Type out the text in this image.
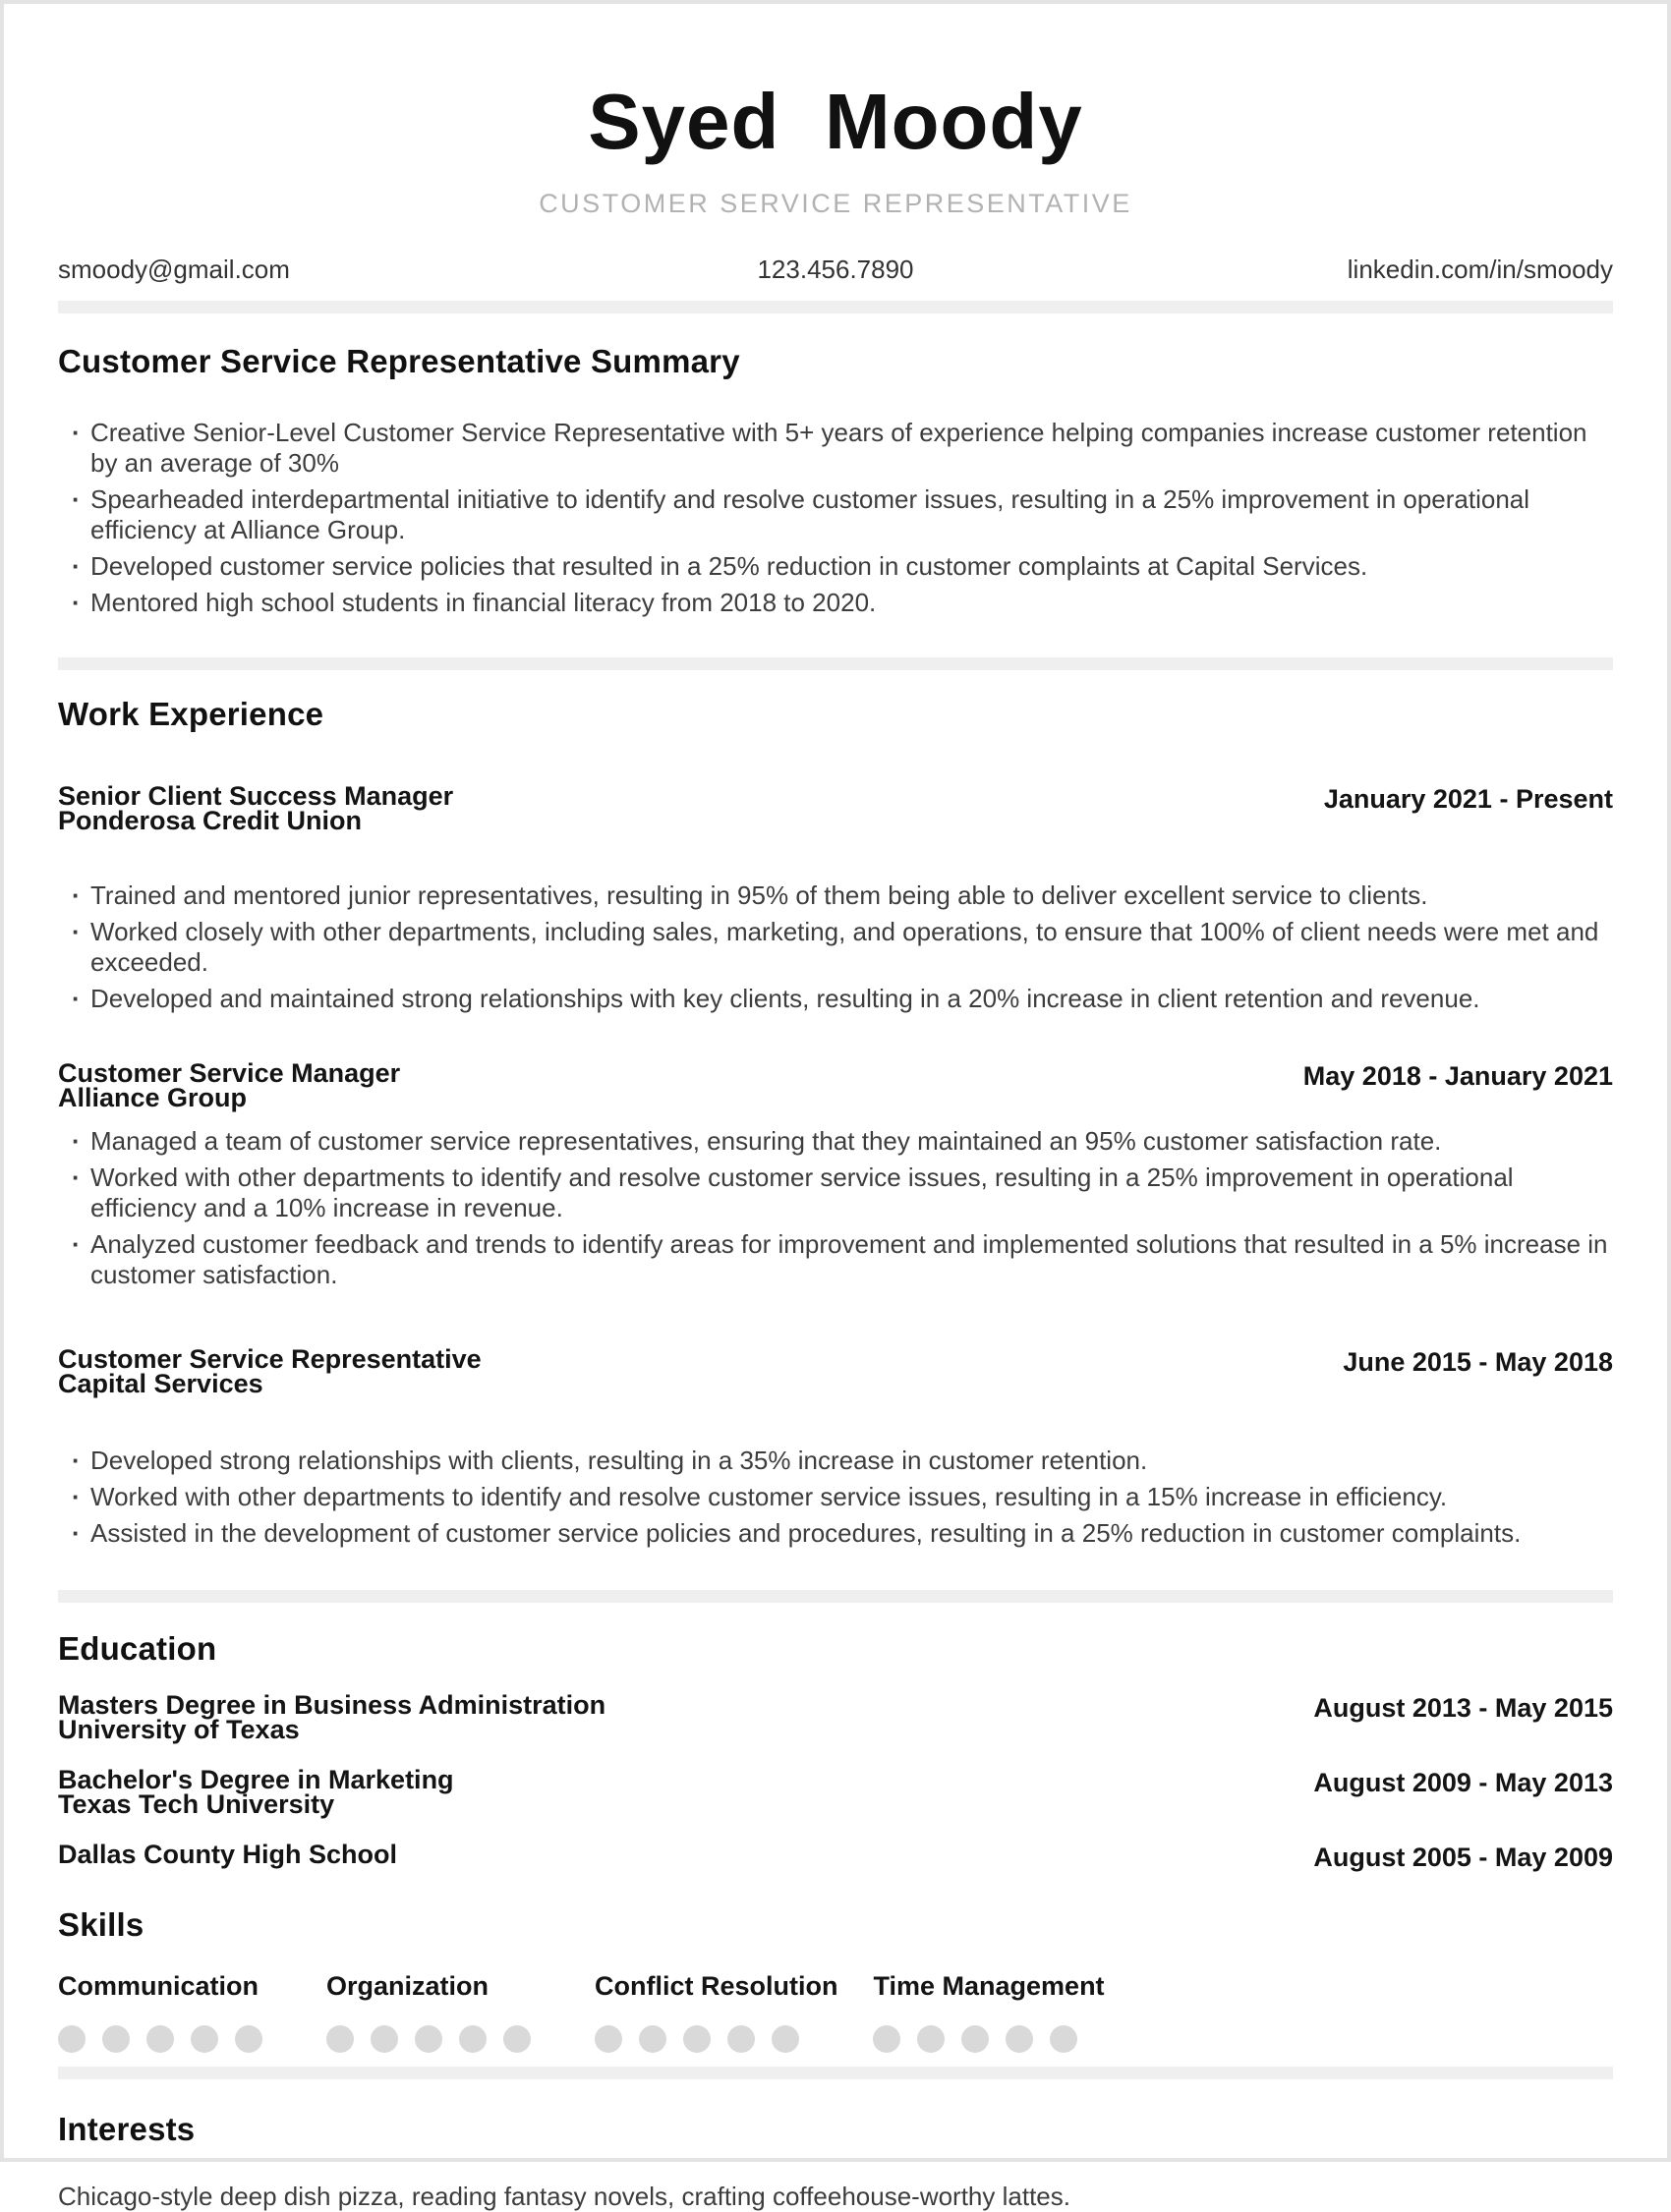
Syed Moody
CUSTOMER SERVICE REPRESENTATIVE
smoody@gmail.com	123.456.7890	linkedin.com/in/smoody
Customer Service Representative Summary
· Creative Senior-Level Customer Service Representative with 5+ years of experience helping companies increase customer retention by an average of 30%
· Spearheaded interdepartmental initiative to identify and resolve customer issues, resulting in a 25% improvement in operational efficiency at Alliance Group.
· Developed customer service policies that resulted in a 25% reduction in customer complaints at Capital Services.
· Mentored high school students in financial literacy from 2018 to 2020.
Work Experience
Senior Client Success Manager
Ponderosa Credit Union
January 2021 - Present
· Trained and mentored junior representatives, resulting in 95% of them being able to deliver excellent service to clients.
· Worked closely with other departments, including sales, marketing, and operations, to ensure that 100% of client needs were met and exceeded.
· Developed and maintained strong relationships with key clients, resulting in a 20% increase in client retention and revenue.
Customer Service Manager
Alliance Group
May 2018 - January 2021
· Managed a team of customer service representatives, ensuring that they maintained an 95% customer satisfaction rate.
· Worked with other departments to identify and resolve customer service issues, resulting in a 25% improvement in operational efficiency and a 10% increase in revenue.
· Analyzed customer feedback and trends to identify areas for improvement and implemented solutions that resulted in a 5% increase in customer satisfaction.
Customer Service Representative
Capital Services
June 2015 - May 2018
· Developed strong relationships with clients, resulting in a 35% increase in customer retention.
· Worked with other departments to identify and resolve customer service issues, resulting in a 15% increase in efficiency.
· Assisted in the development of customer service policies and procedures, resulting in a 25% reduction in customer complaints.
Education
Masters Degree in Business Administration
University of Texas
August 2013 - May 2015
Bachelor's Degree in Marketing
Texas Tech University
August 2009 - May 2013
Dallas County High School	August 2005 - May 2009
Skills
Communication	Organization	Conflict Resolution Time Management
Interests

Chicago-style deep dish pizza, reading fantasy novels, crafting coffeehouse-worthy lattes.
